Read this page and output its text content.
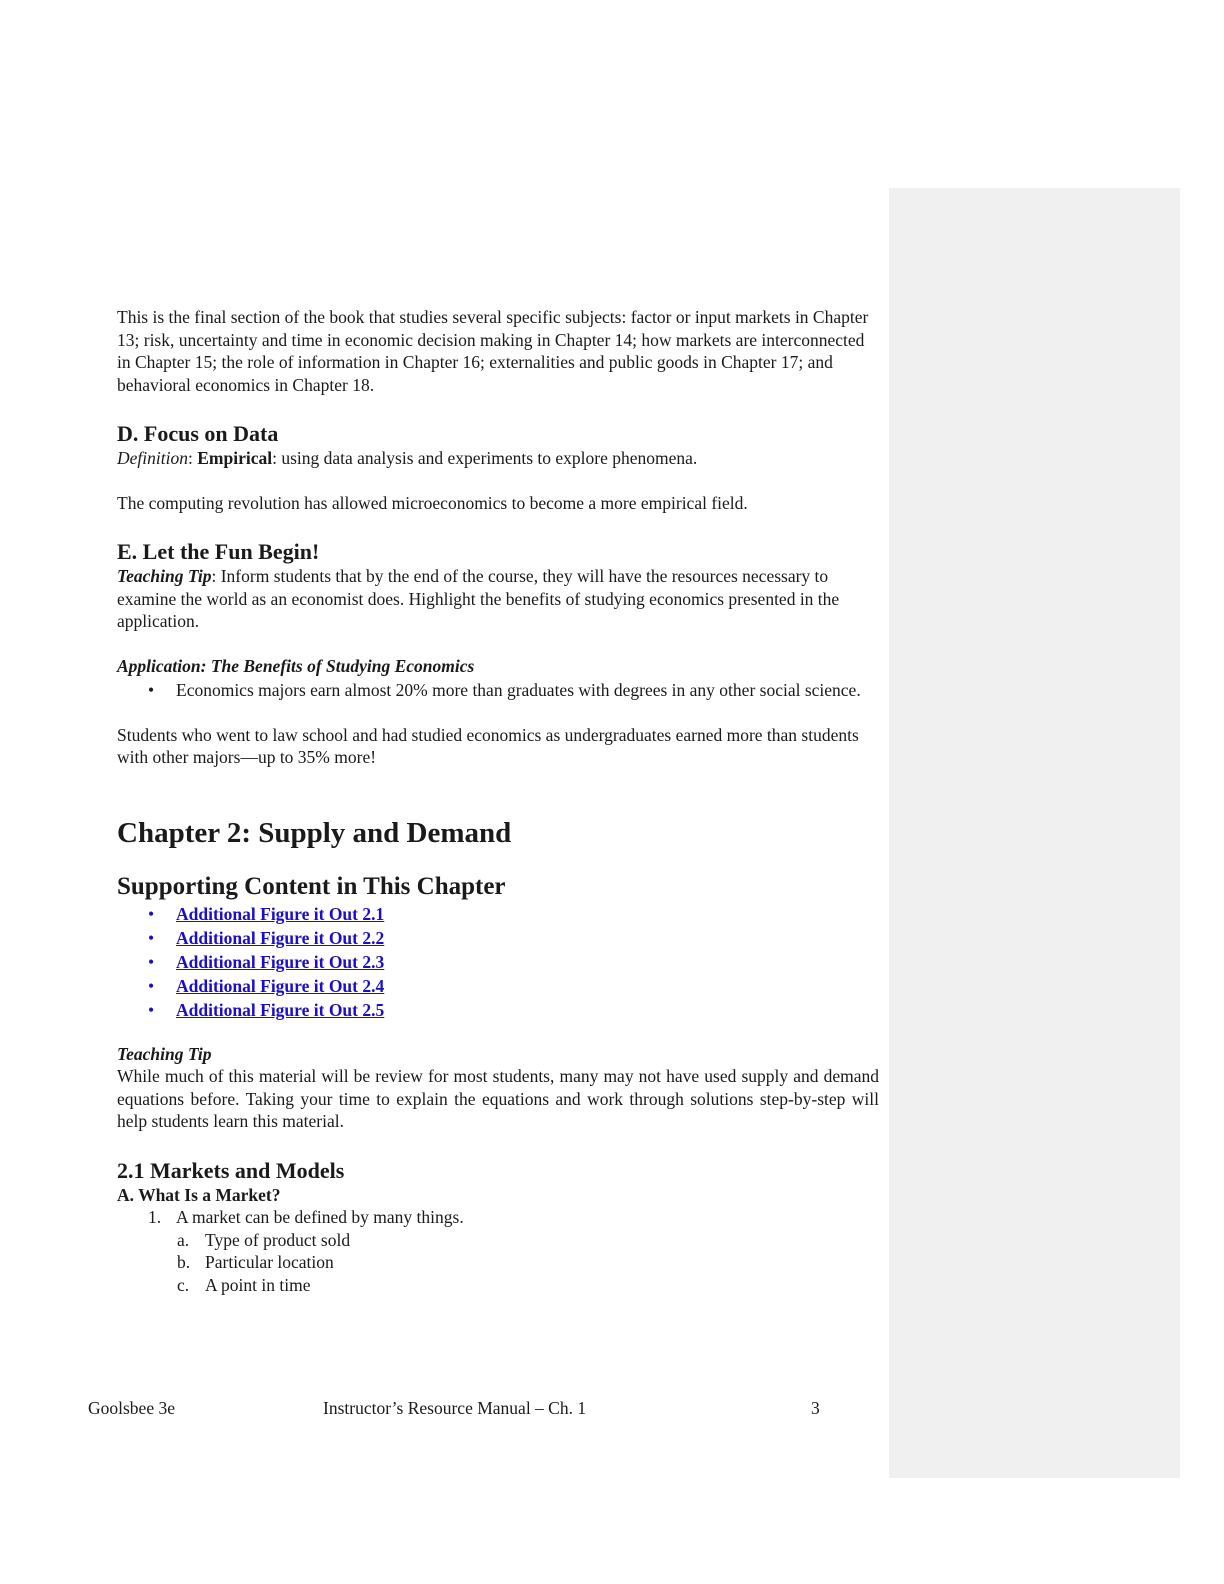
This is the final section of the book that studies several specific subjects: factor or input markets in Chapter 13; risk, uncertainty and time in economic decision making in Chapter 14; how markets are interconnected in Chapter 15; the role of information in Chapter 16; externalities and public goods in Chapter 17; and behavioral economics in Chapter 18.

D. Focus on Data

Definition: Empirical: using data analysis and experiments to explore phenomena.

The computing revolution has allowed microeconomics to become a more empirical field.

E. Let the Fun Begin!

Teaching Tip: Inform students that by the end of the course, they will have the resources necessary to examine the world as an economist does. Highlight the benefits of studying economics presented in the application.

Application: The Benefits of Studying Economics

• Economics majors earn almost 20% more than graduates with degrees in any other social science.

Students who went to law school and had studied economics as undergraduates earned more than students with other majors—up to 35% more!

Chapter 2: Supply and Demand
Supporting Content in This Chapter
• Additional Figure it Out 2.1
• Additional Figure it Out 2.2
• Additional Figure it Out 2.3
• Additional Figure it Out 2.4
• Additional Figure it Out 2.5

Teaching Tip

While much of this material will be review for most students, many may not have used supply and demand equations before. Taking your time to explain the equations and work through solutions step-by-step will help students learn this material.

2.1 Markets and Models

A. What Is a Market?

1. A market can be defined by many things.
a. Type of product sold
b. Particular location
c. A point in time
Goolsbee 3e	Instructor’s Resource Manual – Ch. 1	3
